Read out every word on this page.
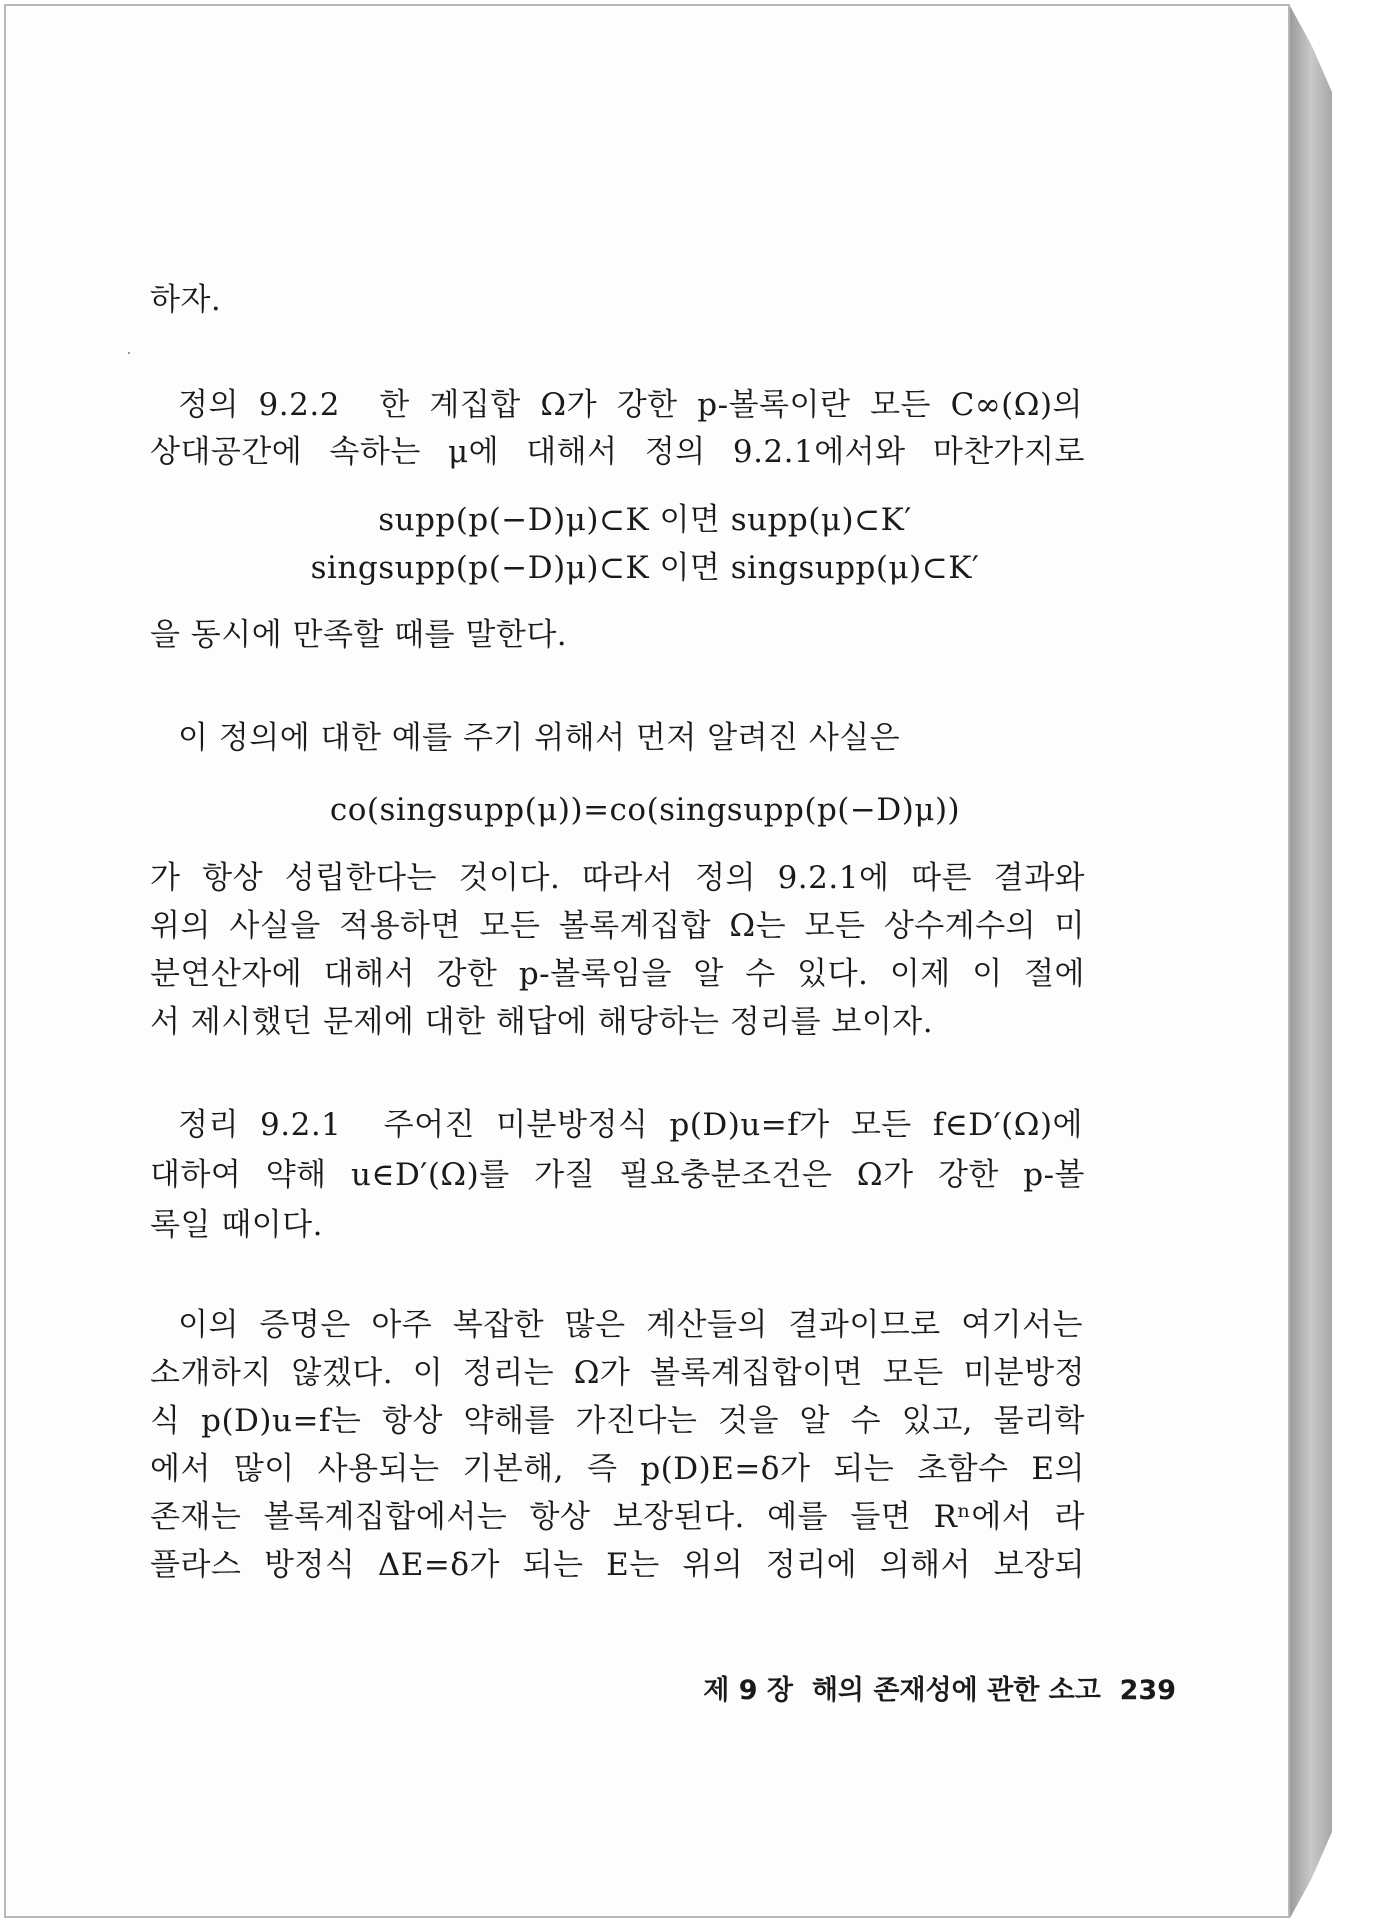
하자.
정의 9.2.2  한 계집합 Ω가 강한 p-볼록이란 모든 C∞(Ω)의
상대공간에 속하는 μ에 대해서 정의 9.2.1에서와 마찬가지로
supp(p(−D)μ)⊂K 이면 supp(μ)⊂K′
singsupp(p(−D)μ)⊂K 이면 singsupp(μ)⊂K′
을 동시에 만족할 때를 말한다.
이 정의에 대한 예를 주기 위해서 먼저 알려진 사실은
co(singsupp(μ))=co(singsupp(p(−D)μ))
가 항상 성립한다는 것이다. 따라서 정의 9.2.1에 따른 결과와
위의 사실을 적용하면 모든 볼록계집합 Ω는 모든 상수계수의 미
분연산자에 대해서 강한 p-볼록임을 알 수 있다. 이제 이 절에
서 제시했던 문제에 대한 해답에 해당하는 정리를 보이자.
정리 9.2.1  주어진 미분방정식 p(D)u=f가 모든 f∈D′(Ω)에
대하여 약해 u∈D′(Ω)를 가질 필요충분조건은 Ω가 강한 p-볼
록일 때이다.
이의 증명은 아주 복잡한 많은 계산들의 결과이므로 여기서는
소개하지 않겠다. 이 정리는 Ω가 볼록계집합이면 모든 미분방정
식 p(D)u=f는 항상 약해를 가진다는 것을 알 수 있고, 물리학
에서 많이 사용되는 기본해, 즉 p(D)E=δ가 되는 초함수 E의
존재는 볼록계집합에서는 항상 보장된다. 예를 들면 Rⁿ에서 라
플라스 방정식 ΔE=δ가 되는 E는 위의 정리에 의해서 보장되
제 9 장  해의 존재성에 관한 소고  239
